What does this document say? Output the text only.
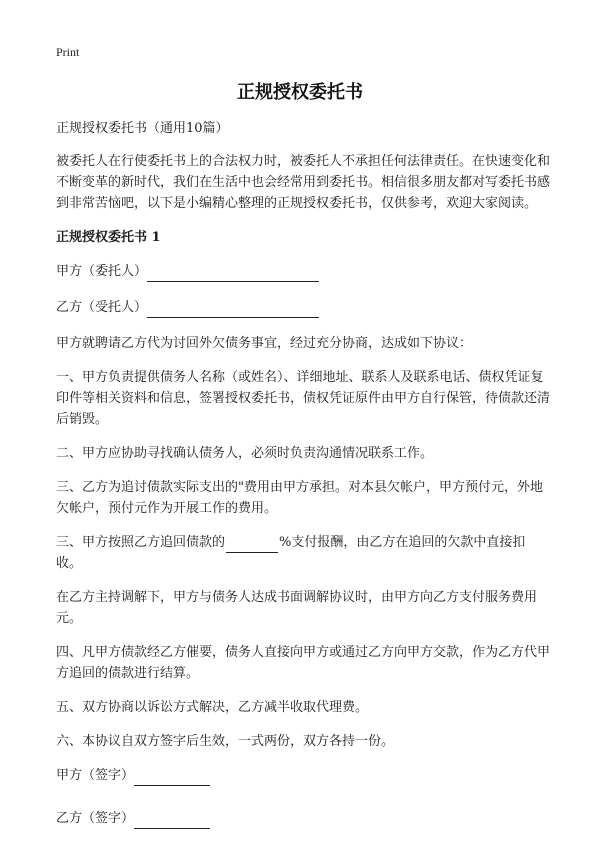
Print
正规授权委托书

正规授权委托书（通用10篇）

被委托人在行使委托书上的合法权力时，被委托人不承担任何法律责任。在快速变化和不断变革的新时代，我们在生活中也会经常用到委托书。相信很多朋友都对写委托书感到非常苦恼吧，以下是小编精心整理的正规授权委托书，仅供参考，欢迎大家阅读。

正规授权委托书 1

甲方（委托人）

乙方（受托人）

甲方就聘请乙方代为讨回外欠债务事宜，经过充分协商，达成如下协议：

一、甲方负责提供债务人名称（或姓名）、详细地址、联系人及联系电话、债权凭证复印件等相关资料和信息，签署授权委托书，债权凭证原件由甲方自行保管，待债款还清后销毁。

二、甲方应协助寻找确认债务人，必须时负责沟通情况联系工作。

三、乙方为追讨债款实际支出的"费用由甲方承担。对本县欠帐户，甲方预付元，外地欠帐户，预付元作为开展工作的费用。

三、甲方按照乙方追回债款的	%支付报酬，由乙方在追回的欠款中直接扣收。

在乙方主持调解下，甲方与债务人达成书面调解协议时，由甲方向乙方支付服务费用元。

四、凡甲方债款经乙方催要，债务人直接向甲方或通过乙方向甲方交款，作为乙方代甲方追回的债款进行结算。

五、双方协商以诉讼方式解决，乙方减半收取代理费。

六、本协议自双方签字后生效，一式两份，双方各持一份。

甲方（签字）

乙方（签字）
